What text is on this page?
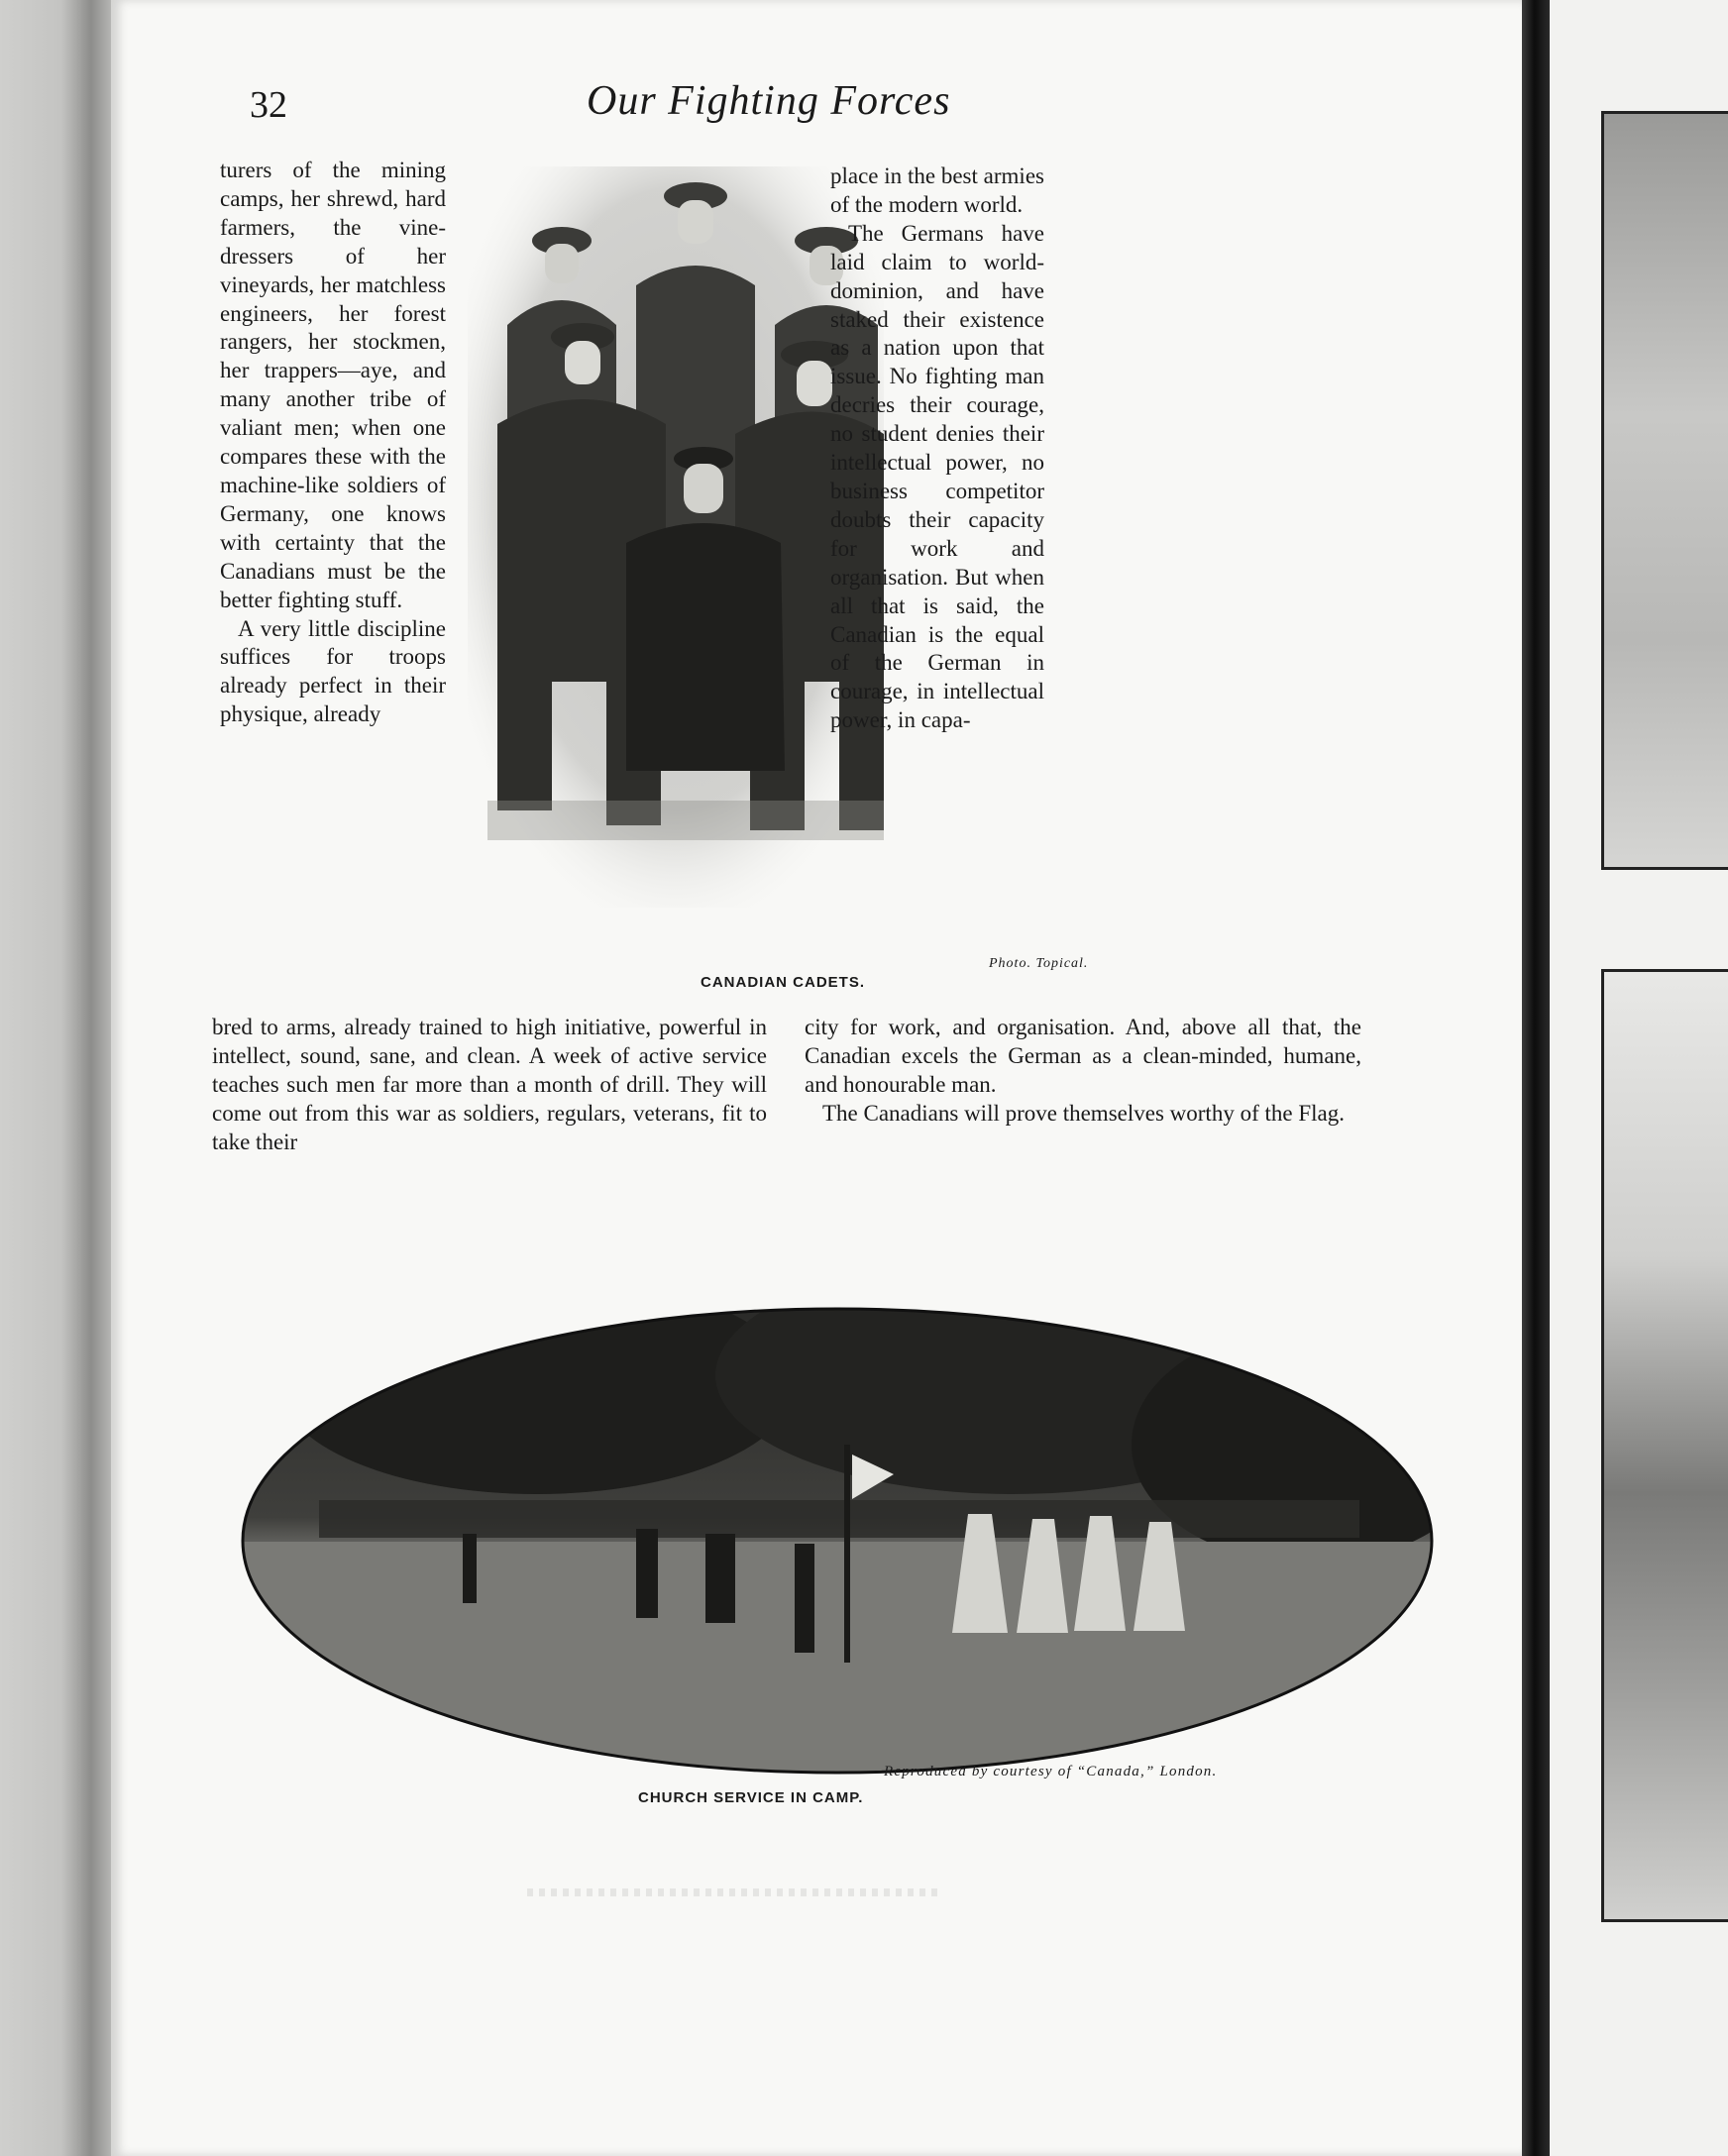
32	Our Fighting Forces

turers of the mining camps, her shrewd, hard farmers, the vine-dressers of her vineyards, her matchless engineers, her forest rangers, her stockmen, her trappers—aye, and many another tribe of valiant men; when one compares these with the machine-like soldiers of Germany, one knows with certainty that the Canadians must be the better fighting stuff.

A very little discipline suffices for troops already perfect in their physique, already

Photo. Topical.
CANADIAN CADETS.

place in the best armies of the modern world.

The Germans have laid claim to world-dominion, and have staked their existence as a nation upon that issue. No fighting man decries their courage, no student denies their intellectual power, no business competitor doubts their capacity for work and organisation. But when all that is said, the Canadian is the equal of the German in courage, in intellectual power, in capa-

bred to arms, already trained to high initiative, powerful in intellect, sound, sane, and clean. A week of active service teaches such men far more than a month of drill. They will come out from this war as soldiers, regulars, veterans, fit to take their

city for work, and organisation. And, above all that, the Canadian excels the German as a clean-minded, humane, and honourable man.

The Canadians will prove themselves worthy of the Flag.

Reproduced by courtesy of “Canada,” London.
CHURCH SERVICE IN CAMP.
